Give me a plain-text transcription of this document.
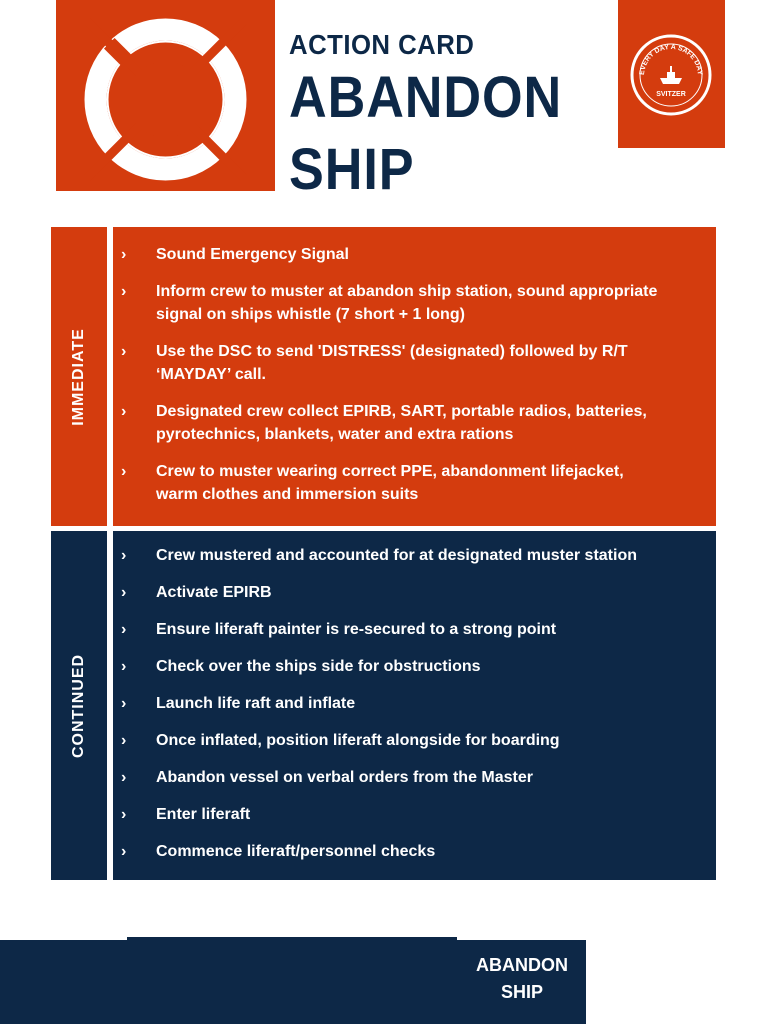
ACTION CARD
ABANDON
SHIP
EVERY DAY A SAFE DAY
SVITZER
IMMEDIATE
› Sound Emergency Signal
› Inform crew to muster at abandon ship station, sound appropriate
signal on ships whistle (7 short + 1 long)
› Use the DSC to send 'DISTRESS' (designated) followed by R/T
‘MAYDAY’ call.
› Designated crew collect EPIRB, SART, portable radios, batteries,
pyrotechnics, blankets, water and extra rations
› Crew to muster wearing correct PPE, abandonment lifejacket,
warm clothes and immersion suits
CONTINUED
› Crew mustered and accounted for at designated muster station
› Activate EPIRB
› Ensure liferaft painter is re-secured to a strong point
› Check over the ships side for obstructions
› Launch life raft and inflate
› Once inflated, position liferaft alongside for boarding
› Abandon vessel on verbal orders from the Master
› Enter liferaft
› Commence liferaft/personnel checks
ABANDON
SHIP
